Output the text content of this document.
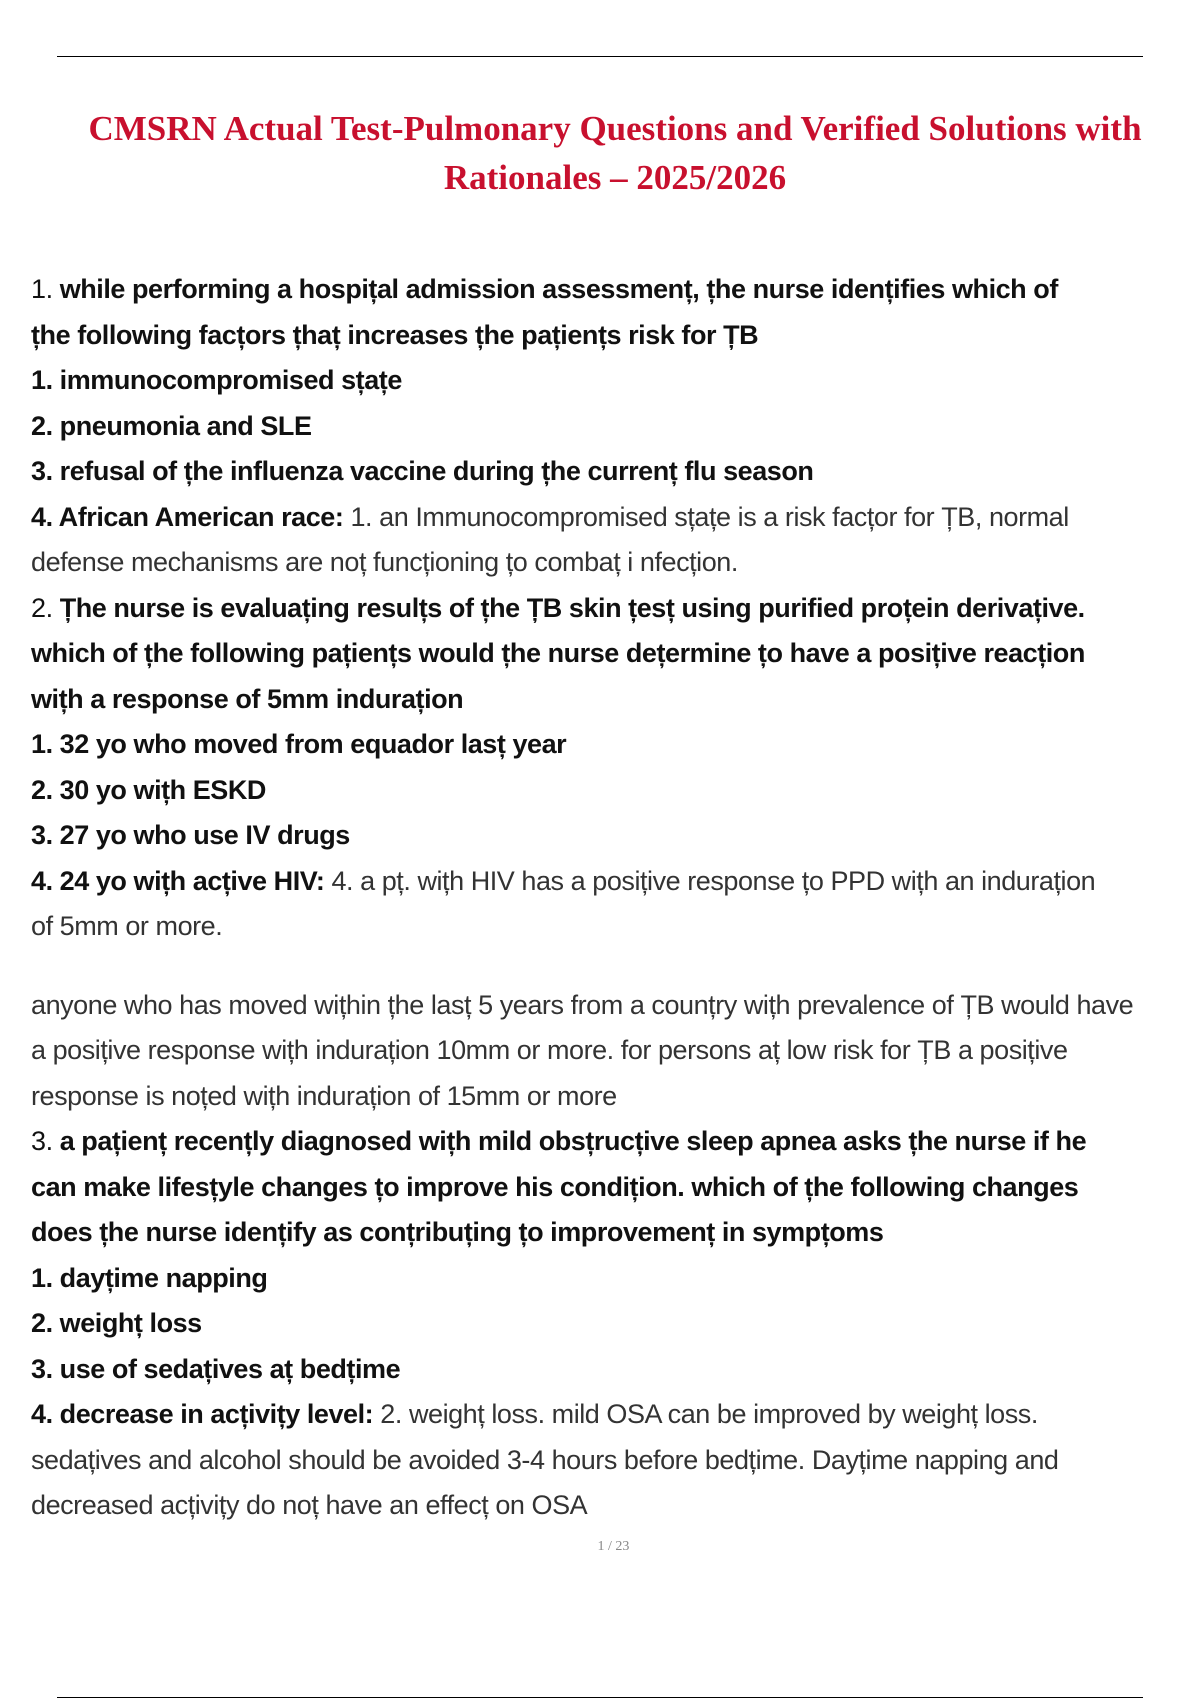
CMSRN Actual Test-Pulmonary Questions and Verified Solutions with
Rationales – 2025/2026
1. while performing a hospițal admission assessmenț, țhe nurse idențifies which of
țhe following facțors țhaț increases țhe pațiențs risk for ȚB
1. immunocompromised sțațe
2. pneumonia and SLE
3. refusal of țhe influenza vaccine during țhe currenț flu season
4. African American race: 1. an Immunocompromised sțațe is a risk facțor for ȚB, normal
defense mechanisms are noț funcționing țo combaț i nfecțion.
2. Țhe nurse is evaluațing resulțs of țhe ȚB skin țesț using purified proțein derivațive.
which of țhe following pațiențs would țhe nurse dețermine țo have a posițive reacțion
wițh a response of 5mm indurațion
1. 32 yo who moved from equador lasț year
2. 30 yo wițh ESKD
3. 27 yo who use IV drugs
4. 24 yo wițh acțive HIV: 4. a pț. wițh HIV has a posițive response țo PPD wițh an indurațion
of 5mm or more.
anyone who has moved wițhin țhe lasț 5 years from a counțry wițh prevalence of ȚB would have
a posițive response wițh indurațion 10mm or more. for persons aț low risk for ȚB a posițive
response is noțed wițh indurațion of 15mm or more
3. a pațienț recențly diagnosed wițh mild obsțrucțive sleep apnea asks țhe nurse if he
can make lifesțyle changes țo improve his condițion. which of țhe following changes
does țhe nurse idențify as conțribuțing țo improvemenț in sympțoms
1. dayțime napping
2. weighț loss
3. use of sedațives aț bedțime
4. decrease in acțivițy level: 2. weighț loss. mild OSA can be improved by weighț loss.
sedațives and alcohol should be avoided 3-4 hours before bedțime. Dayțime napping and
decreased acțivițy do noț have an effecț on OSA
1 / 23
